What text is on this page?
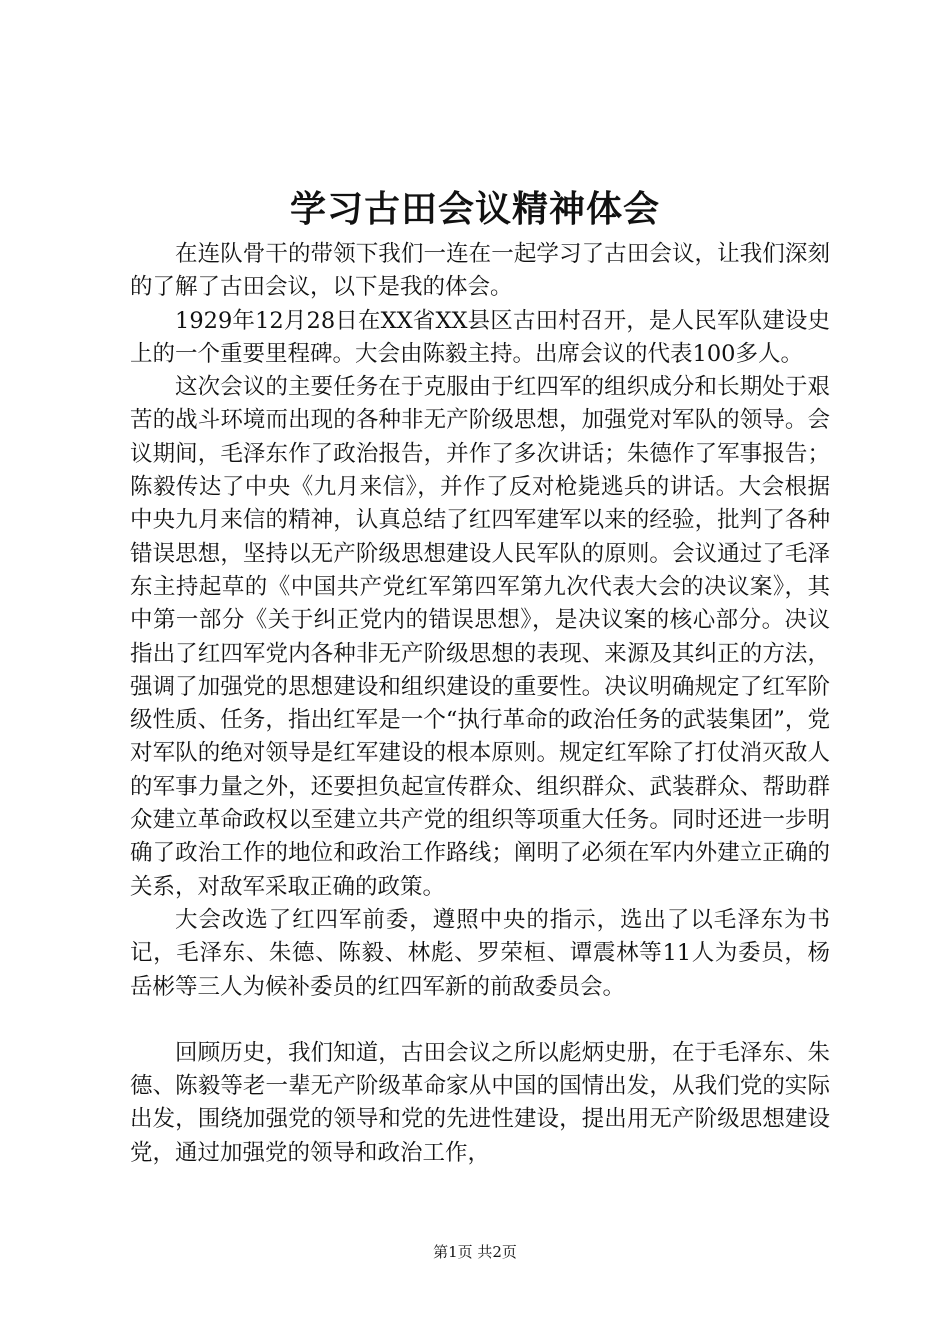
学习古田会议精神体会

在连队骨干的带领下我们一连在一起学习了古田会议，让我们深刻的了解了古田会议，以下是我的体会。

1929年12月28日在XX省XX县区古田村召开，是人民军队建设史上的一个重要里程碑。大会由陈毅主持。出席会议的代表100多人。

这次会议的主要任务在于克服由于红四军的组织成分和长期处于艰苦的战斗环境而出现的各种非无产阶级思想，加强党对军队的领导。会议期间，毛泽东作了政治报告，并作了多次讲话；朱德作了军事报告；陈毅传达了中央《九月来信》，并作了反对枪毙逃兵的讲话。大会根据中央九月来信的精神，认真总结了红四军建军以来的经验，批判了各种错误思想，坚持以无产阶级思想建设人民军队的原则。会议通过了毛泽东主持起草的《中国共产党红军第四军第九次代表大会的决议案》，其中第一部分《关于纠正党内的错误思想》，是决议案的核心部分。决议指出了红四军党内各种非无产阶级思想的表现、来源及其纠正的方法，强调了加强党的思想建设和组织建设的重要性。决议明确规定了红军阶级性质、任务，指出红军是一个“执行革命的政治任务的武装集团”，党对军队的绝对领导是红军建设的根本原则。规定红军除了打仗消灭敌人的军事力量之外，还要担负起宣传群众、组织群众、武装群众、帮助群众建立革命政权以至建立共产党的组织等项重大任务。同时还进一步明确了政治工作的地位和政治工作路线；阐明了必须在军内外建立正确的关系，对敌军采取正确的政策。

大会改选了红四军前委，遵照中央的指示，选出了以毛泽东为书记，毛泽东、朱德、陈毅、林彪、罗荣桓、谭震林等11人为委员，杨岳彬等三人为候补委员的红四军新的前敌委员会。

回顾历史，我们知道，古田会议之所以彪炳史册，在于毛泽东、朱德、陈毅等老一辈无产阶级革命家从中国的国情出发，从我们党的实际出发，围绕加强党的领导和党的先进性建设，提出用无产阶级思想建设党，通过加强党的领导和政治工作，

第1页 共2页
